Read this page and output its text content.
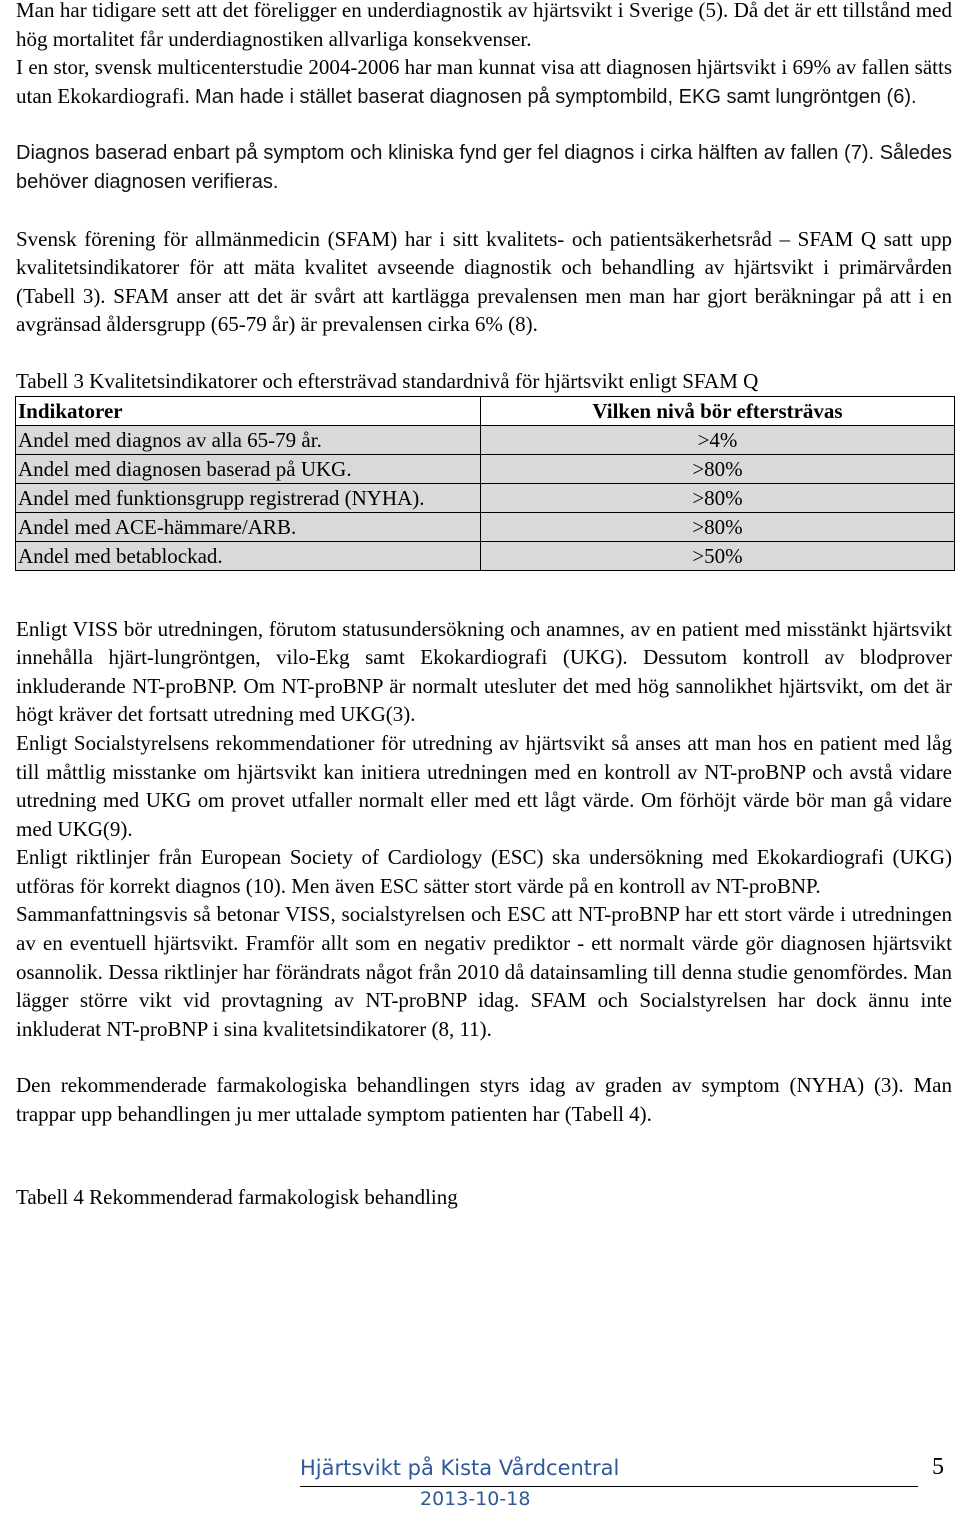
Man har tidigare sett att det föreligger en underdiagnostik av hjärtsvikt i Sverige (5). Då det är ett tillstånd med hög mortalitet får underdiagnostiken allvarliga konsekvenser.

I en stor, svensk multicenterstudie 2004-2006 har man kunnat visa att diagnosen hjärtsvikt i 69% av fallen sätts utan Ekokardiografi. Man hade i stället baserat diagnosen på symptombild, EKG samt lungröntgen (6).

Diagnos baserad enbart på symptom och kliniska fynd ger fel diagnos i cirka hälften av fallen (7). Således behöver diagnosen verifieras.

Svensk förening för allmänmedicin (SFAM) har i sitt kvalitets- och patientsäkerhetsråd – SFAM Q satt upp kvalitetsindikatorer för att mäta kvalitet avseende diagnostik och behandling av hjärtsvikt i primärvården (Tabell 3). SFAM anser att det är svårt att kartlägga prevalensen men man har gjort beräkningar på att i en avgränsad åldersgrupp (65-79 år) är prevalensen cirka 6% (8).

Tabell 3 Kvalitetsindikatorer och eftersträvad standardnivå för hjärtsvikt enligt SFAM Q

Indikatorer	Vilken nivå bör eftersträvas
Andel med diagnos av alla 65-79 år.	>4%
Andel med diagnosen baserad på UKG.	>80%
Andel med funktionsgrupp registrerad (NYHA).	>80%
Andel med ACE-hämmare/ARB.	>80%
Andel med betablockad.	>50%

Enligt VISS bör utredningen, förutom statusundersökning och anamnes, av en patient med misstänkt hjärtsvikt innehålla hjärt-lungröntgen, vilo-Ekg samt Ekokardiografi (UKG). Dessutom kontroll av blodprover inkluderande NT-proBNP. Om NT-proBNP är normalt utesluter det med hög sannolikhet hjärtsvikt, om det är högt kräver det fortsatt utredning med UKG(3).

Enligt Socialstyrelsens rekommendationer för utredning av hjärtsvikt så anses att man hos en patient med låg till måttlig misstanke om hjärtsvikt kan initiera utredningen med en kontroll av NT-proBNP och avstå vidare utredning med UKG om provet utfaller normalt eller med ett lågt värde. Om förhöjt värde bör man gå vidare med UKG(9).

Enligt riktlinjer från European Society of Cardiology (ESC) ska undersökning med Ekokardiografi (UKG) utföras för korrekt diagnos (10). Men även ESC sätter stort värde på en kontroll av NT-proBNP.

Sammanfattningsvis så betonar VISS, socialstyrelsen och ESC att NT-proBNP har ett stort värde i utredningen av en eventuell hjärtsvikt. Framför allt som en negativ prediktor - ett normalt värde gör diagnosen hjärtsvikt osannolik. Dessa riktlinjer har förändrats något från 2010 då datainsamling till denna studie genomfördes. Man lägger större vikt vid provtagning av NT-proBNP idag. SFAM och Socialstyrelsen har dock ännu inte inkluderat NT-proBNP i sina kvalitetsindikatorer (8, 11).

Den rekommenderade farmakologiska behandlingen styrs idag av graden av symptom (NYHA) (3). Man trappar upp behandlingen ju mer uttalade symptom patienten har (Tabell 4).

Tabell 4 Rekommenderad farmakologisk behandling

Hjärtsvikt på Kista Vårdcentral	5
2013-10-18
